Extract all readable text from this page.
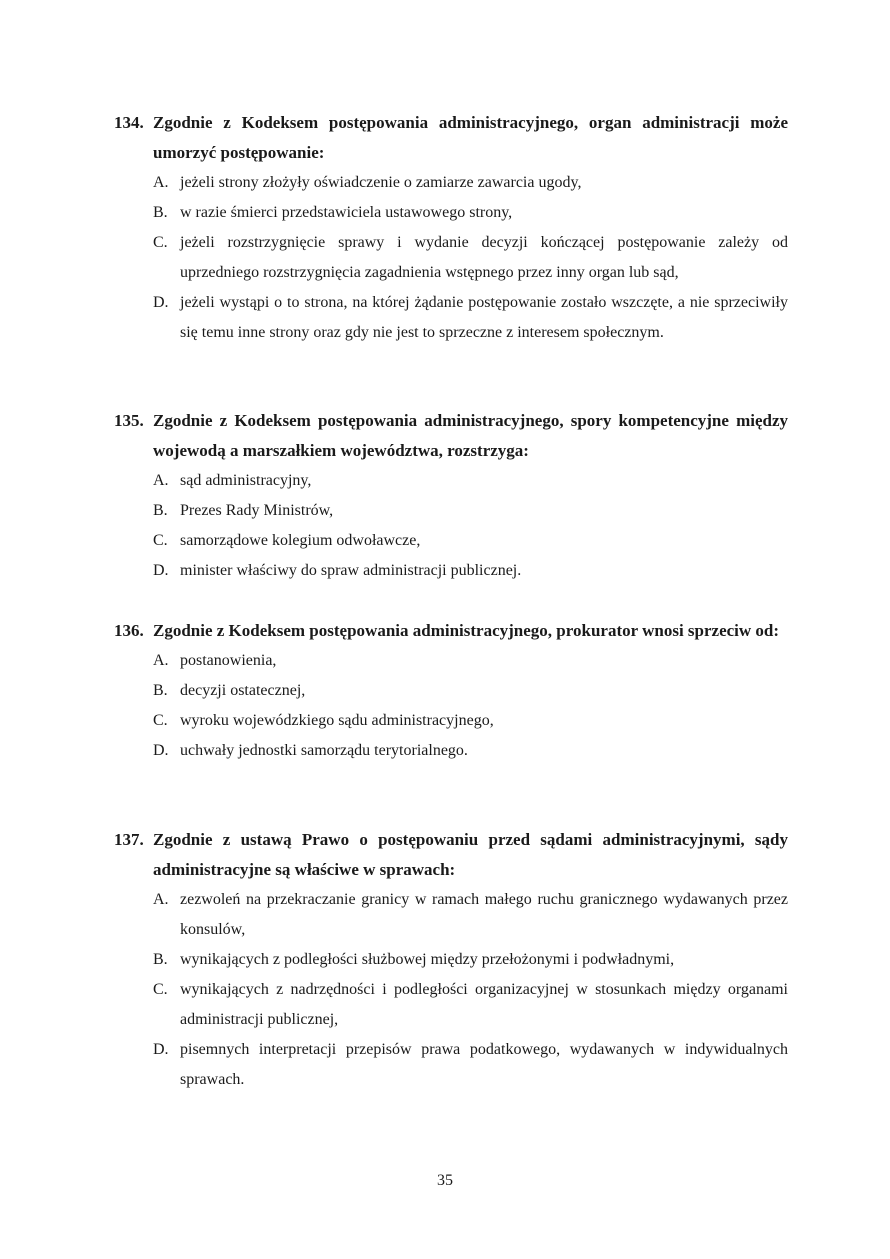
134. Zgodnie z Kodeksem postępowania administracyjnego, organ administracji może umorzyć postępowanie:
A. jeżeli strony złożyły oświadczenie o zamiarze zawarcia ugody,
B. w razie śmierci przedstawiciela ustawowego strony,
C. jeżeli rozstrzygnięcie sprawy i wydanie decyzji kończącej postępowanie zależy od uprzedniego rozstrzygnięcia zagadnienia wstępnego przez inny organ lub sąd,
D. jeżeli wystąpi o to strona, na której żądanie postępowanie zostało wszczęte, a nie sprzeciwiły się temu inne strony oraz gdy nie jest to sprzeczne z interesem społecznym.
135. Zgodnie z Kodeksem postępowania administracyjnego, spory kompetencyjne między wojewodą a marszałkiem województwa, rozstrzyga:
A. sąd administracyjny,
B. Prezes Rady Ministrów,
C. samorządowe kolegium odwoławcze,
D. minister właściwy do spraw administracji publicznej.
136. Zgodnie z Kodeksem postępowania administracyjnego, prokurator wnosi sprzeciw od:
A. postanowienia,
B. decyzji ostatecznej,
C. wyroku wojewódzkiego sądu administracyjnego,
D. uchwały jednostki samorządu terytorialnego.
137. Zgodnie z ustawą Prawo o postępowaniu przed sądami administracyjnymi, sądy administracyjne są właściwe w sprawach:
A. zezwoleń na przekraczanie granicy w ramach małego ruchu granicznego wydawanych przez konsulów,
B. wynikających z podległości służbowej między przełożonymi i podwładnymi,
C. wynikających z nadrzędności i podległości organizacyjnej w stosunkach między organami administracji publicznej,
D. pisemnych interpretacji przepisów prawa podatkowego, wydawanych w indywidualnych sprawach.
35
